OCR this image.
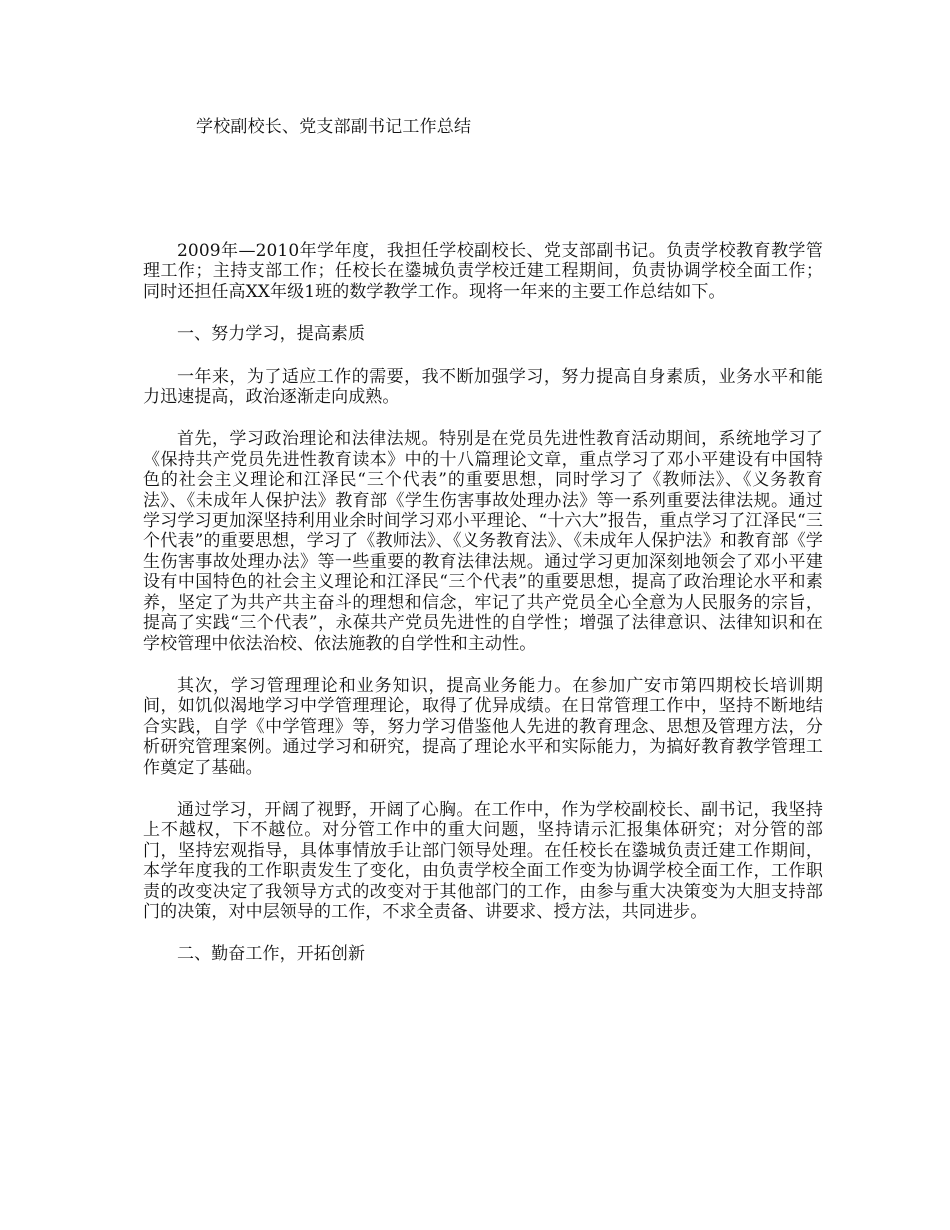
学校副校长、党支部副书记工作总结

2009年—2010年学年度，我担任学校副校长、党支部副书记。负责学校教育教学管理工作；主持支部工作；任校长在鍌城负责学校迁建工程期间，负责协调学校全面工作；同时还担任高XX年级1班的数学教学工作。现将一年来的主要工作总结如下。

一、努力学习，提高素质

一年来，为了适应工作的需要，我不断加强学习，努力提高自身素质，业务水平和能力迅速提高，政治逐渐走向成熟。

首先，学习政治理论和法律法规。特别是在党员先进性教育活动期间，系统地学习了《保持共产党员先进性教育读本》中的十八篇理论文章，重点学习了邓小平建设有中国特色的社会主义理论和江泽民“三个代表”的重要思想，同时学习了《教师法》、《义务教育法》、《未成年人保护法》教育部《学生伤害事故处理办法》等一系列重要法律法规。通过学习学习更加深坚持利用业余时间学习邓小平理论、“十六大”报告，重点学习了江泽民“三个代表”的重要思想，学习了《教师法》、《义务教育法》、《未成年人保护法》和教育部《学生伤害事故处理办法》等一些重要的教育法律法规。通过学习更加深刻地领会了邓小平建设有中国特色的社会主义理论和江泽民“三个代表”的重要思想，提高了政治理论水平和素养，坚定了为共产共主奋斗的理想和信念，牢记了共产党员全心全意为人民服务的宗旨，提高了实践“三个代表”，永葆共产党员先进性的自学性；增强了法律意识、法律知识和在学校管理中依法治校、依法施教的自学性和主动性。

其次，学习管理理论和业务知识，提高业务能力。在参加广安市第四期校长培训期间，如饥似渴地学习中学管理理论，取得了优异成绩。在日常管理工作中，坚持不断地结合实践，自学《中学管理》等，努力学习借鉴他人先进的教育理念、思想及管理方法，分析研究管理案例。通过学习和研究，提高了理论水平和实际能力，为搞好教育教学管理工作奠定了基础。

通过学习，开阔了视野，开阔了心胸。在工作中，作为学校副校长、副书记，我坚持上不越权，下不越位。对分管工作中的重大问题，坚持请示汇报集体研究；对分管的部门，坚持宏观指导，具体事情放手让部门领导处理。在任校长在鍌城负责迁建工作期间，本学年度我的工作职责发生了变化，由负责学校全面工作变为协调学校全面工作，工作职责的改变决定了我领导方式的改变对于其他部门的工作，由参与重大决策变为大胆支持部门的决策，对中层领导的工作，不求全责备、讲要求、授方法，共同进步。

二、勤奋工作，开拓创新
